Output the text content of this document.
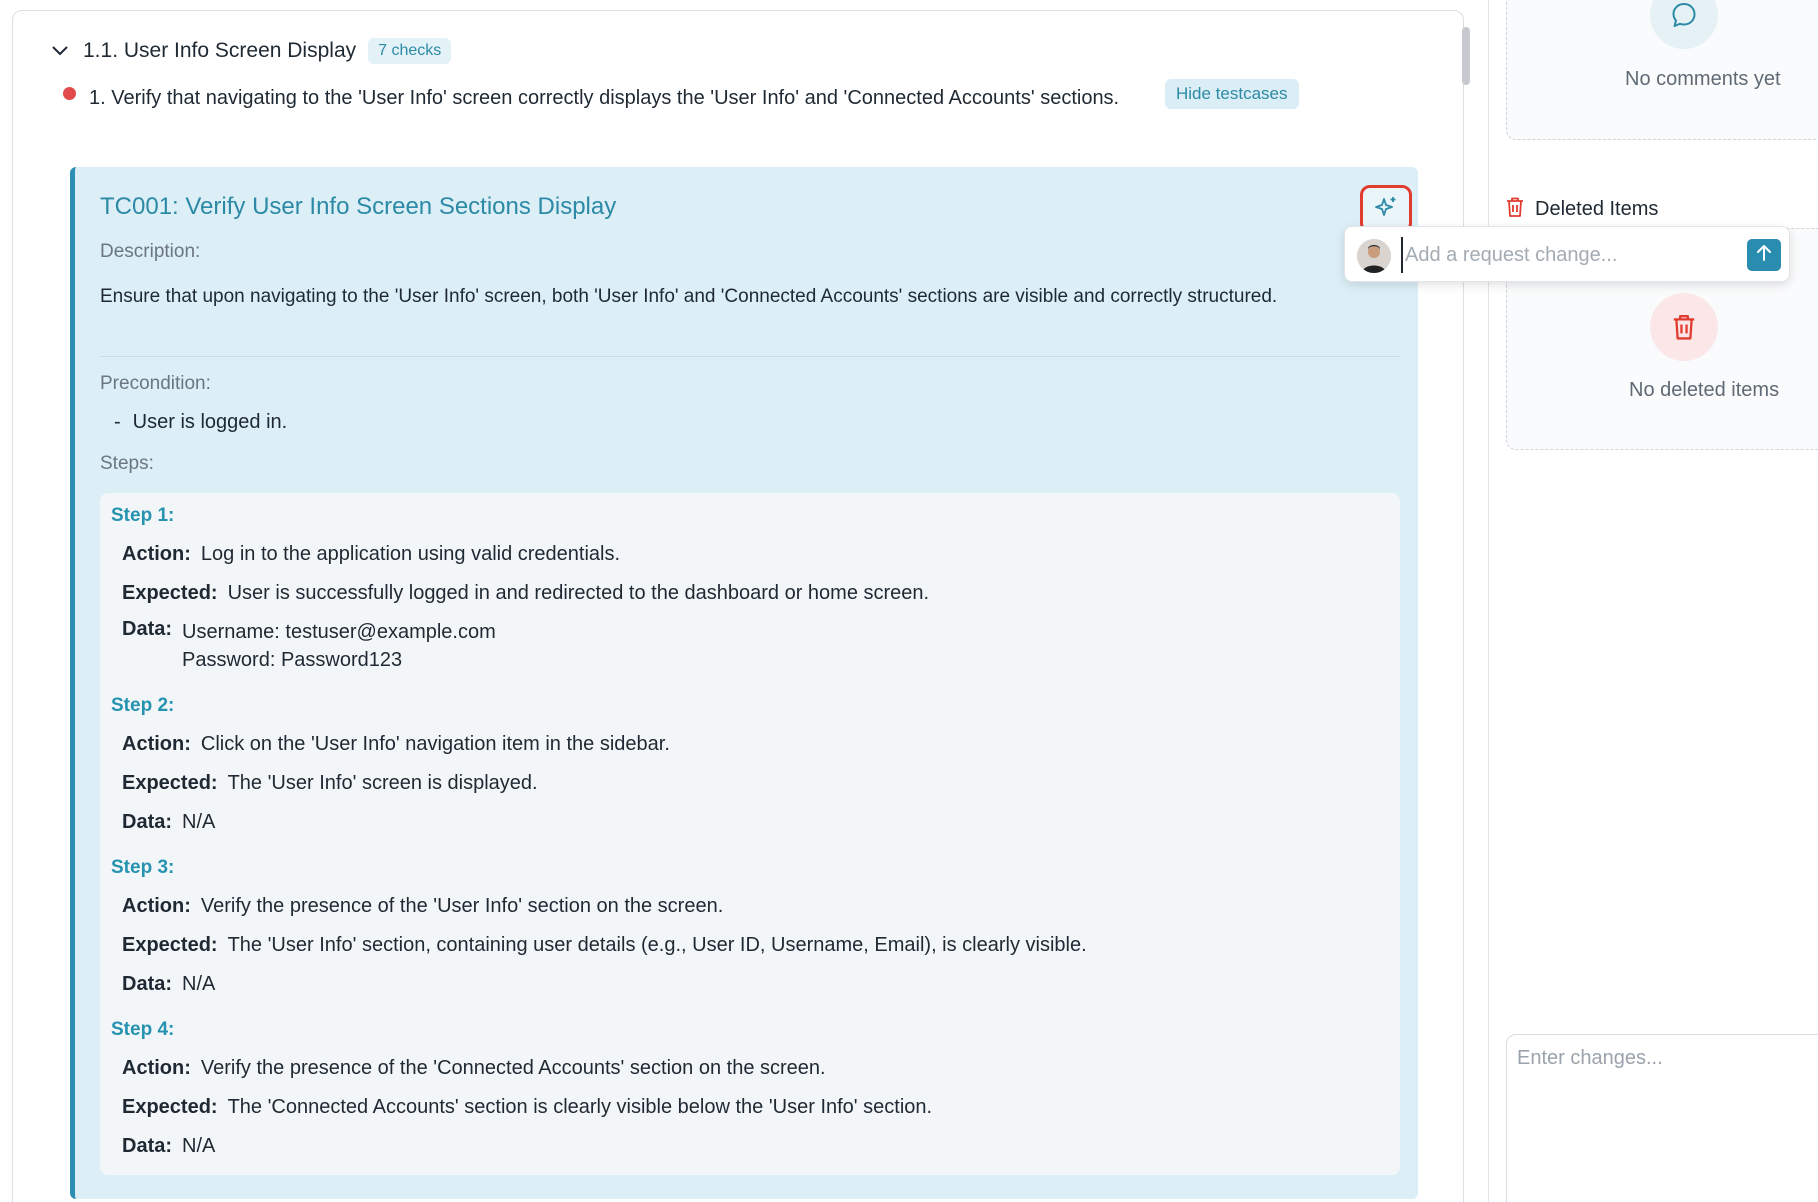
1.1. User Info Screen Display	7 checks
1. Verify that navigating to the 'User Info' screen correctly displays the 'User Info' and 'Connected Accounts' sections.	Hide testcases
TC001: Verify User Info Screen Sections Display
Description:
Ensure that upon navigating to the 'User Info' screen, both 'User Info' and 'Connected Accounts' sections are visible and correctly structured.
Precondition:
- User is logged in.
Steps:
Step 1:
Action: Log in to the application using valid credentials.
Expected: User is successfully logged in and redirected to the dashboard or home screen.
Data: Username: testuser@example.com
Password: Password123
Step 2:
Action: Click on the 'User Info' navigation item in the sidebar.
Expected: The 'User Info' screen is displayed.
Data: N/A
Step 3:
Action: Verify the presence of the 'User Info' section on the screen.
Expected: The 'User Info' section, containing user details (e.g., User ID, Username, Email), is clearly visible.
Data: N/A
Step 4:
Action: Verify the presence of the 'Connected Accounts' section on the screen.
Expected: The 'Connected Accounts' section is clearly visible below the 'User Info' section.
Data: N/A
No comments yet
Deleted Items
No deleted items
Add a request change...
Enter changes...
